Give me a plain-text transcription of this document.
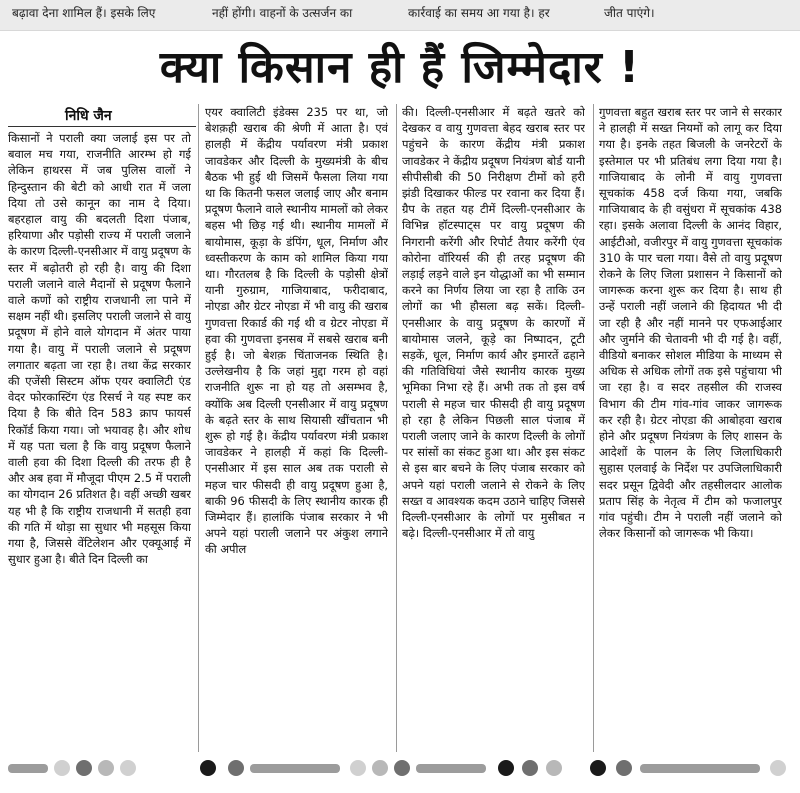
बढ़ावा देना शामिल हैं। इसके लिए	नहीं होंगी। वाहनों के उत्सर्जन का	कार्रवाई का समय आ गया है। हर	जीत पाएंगे।
क्या किसान ही हैं जिम्मेदार !
निधि जैन

किसानों ने पराली क्या जलाई इस पर तो बवाल मच गया, राजनीति आरम्भ हो गई लेकिन हाथरस में जब पुलिस वालों ने हिन्दुस्तान की बेटी को आधी रात में जला दिया तो उसे कानून का नाम दे दिया। बहरहाल वायु की बदलती दिशा पंजाब, हरियाणा और पड़ोसी राज्य में पराली जलाने के कारण दिल्ली-एनसीआर में वायु प्रदूषण के स्तर में बढ़ोतरी हो रही है। वायु की दिशा पराली जलाने वाले मैदानों से प्रदूषण फैलाने वाले कणों को राष्ट्रीय राजधानी ला पाने में सक्षम नहीं थी। इसलिए पराली जलाने से वायु प्रदूषण में होने वाले योगदान में अंतर पाया गया है। वायु में पराली जलाने से प्रदूषण लगातार बढ़ता जा रहा है। तथा केंद्र सरकार की एजेंसी सिस्टम ऑफ एयर क्वालिटी एंड वेदर फोरकास्टिंग एंड रिसर्च ने यह स्पष्ट कर दिया है कि बीते दिन 583 क्राप फायर्स रिकॉर्ड किया गया। जो भयावह है। और शोध में यह पता चला है कि वायु प्रदूषण फैलाने वाली हवा की दिशा दिल्ली की तरफ ही है और अब हवा में मौजूदा पीएम 2.5 में पराली का योगदान 26 प्रतिशत है। वहीं अच्छी खबर यह भी है कि राष्ट्रीय राजधानी में सतही हवा की गति में थोड़ा सा सुधार भी महसूस किया गया है, जिससे वेंटिलेशन और एक्यूआई में सुधार हुआ है। बीते दिन दिल्ली का

एयर क्वालिटी इंडेक्स 235 पर था, जो बेशक़ही खराब की श्रेणी में आता है। एवं हालही में केंद्रीय पर्यावरण मंत्री प्रकाश जावडेकर और दिल्ली के मुख्यमंत्री के बीच बैठक भी हुई थी जिसमें फैसला लिया गया था कि कितनी फसल जलाई जाए और बनाम प्रदूषण फैलाने वाले स्थानीय मामलों को लेकर बहस भी छिड़ गई थी। स्थानीय मामलों में बायोमास, कूड़ा के डंपिंग, धूल, निर्माण और ध्वस्तीकरण के काम को शामिल किया गया था। गौरतलब है कि दिल्ली के पड़ोसी क्षेत्रों यानी गुरुग्राम, गाजियाबाद, फरीदाबाद, नोएडा और ग्रेटर नोएडा में भी वायु की खराब गुणवत्ता रिकार्ड की गई थी व ग्रेटर नोएडा में हवा की गुणवत्ता इनसब में सबसे खराब बनी हुई है। जो बेशक़ चिंताजनक स्थिति है। उल्लेखनीय है कि जहां मुद्दा गरम हो वहां राजनीति शुरू ना हो यह तो असम्भव है, क्योंकि अब दिल्ली एनसीआर में वायु प्रदूषण के बढ़ते स्तर के साथ सियासी खींचतान भी शुरू हो गई है। केंद्रीय पर्यावरण मंत्री प्रकाश जावडेकर ने हालही में कहां कि दिल्ली-एनसीआर में इस साल अब तक पराली से महज चार फीसदी ही वायु प्रदूषण हुआ है, बाकी 96 फीसदी के लिए स्थानीय कारक ही जिम्मेदार हैं। हालांकि पंजाब सरकार ने भी अपने यहां पराली जलाने पर अंकुश लगाने की अपील

की। दिल्ली-एनसीआर में बढ़ते खतरे को देखकर व वायु गुणवत्ता बेहद खराब स्तर पर पहुंचने के कारण केंद्रीय मंत्री प्रकाश जावडेकर ने केंद्रीय प्रदूषण नियंत्रण बोर्ड यानी सीपीसीबी की 50 निरीक्षण टीमों को हरी झंडी दिखाकर फील्ड पर रवाना कर दिया हैं। ग्रैप के तहत यह टीमें दिल्ली-एनसीआर के विभिन्न हॉटस्पाट्स पर वायु प्रदूषण की निगरानी करेंगी और रिपोर्ट तैयार करेंगी एंव कोरोना वॉरियर्स की ही तरह प्रदूषण की लड़ाई लड़ने वाले इन योद्धाओं का भी सम्मान करने का निर्णय लिया जा रहा है ताकि उन लोगों का भी हौसला बढ़ सकें। दिल्ली-एनसीआर के वायु प्रदूषण के कारणों में बायोमास जलने, कूड़े का निष्पादन, टूटी सड़कें, धूल, निर्माण कार्य और इमारतें ढहाने की गतिविधियां जैसे स्थानीय कारक मुख्य भूमिका निभा रहे हैं। अभी तक तो इस वर्ष पराली से महज चार फीसदी ही वायु प्रदूषण हो रहा है लेकिन पिछली साल पंजाब में पराली जलाए जाने के कारण दिल्ली के लोगों पर सांसों का संकट हुआ था। और इस संकट से इस बार बचने के लिए पंजाब सरकार को अपने यहां पराली जलाने से रोकने के लिए सख्त व आवश्यक कदम उठाने चाहिए जिससे दिल्ली-एनसीआर के लोगों पर मुसीबत न बढ़े। दिल्ली-एनसीआर में तो वायु

गुणवत्ता बहुत खराब स्तर पर जाने से सरकार ने हालही में सख्त नियमों को लागू कर दिया गया है। इनके तहत बिजली के जनरेटरों के इस्तेमाल पर भी प्रतिबंध लगा दिया गया है। गाजियाबाद के लोनी में वायु गुणवत्ता सूचकांक 458 दर्ज किया गया, जबकि गाजियाबाद के ही वसुंधरा में सूचकांक 438 रहा। इसके अलावा दिल्ली के आनंद विहार, आईटीओ, वजीरपुर में वायु गुणवत्ता सूचकांक 310 के पार चला गया। वैसे तो वायु प्रदूषण रोकने के लिए जिला प्रशासन ने किसानों को जागरूक करना शुरू कर दिया है। साथ ही उन्हें पराली नहीं जलाने की हिदायत भी दी जा रही है और नहीं मानने पर एफआईआर और जुर्माने की चेतावनी भी दी गई है। वहीं, वीडियो बनाकर सोशल मीडिया के माध्यम से अधिक से अधिक लोगों तक इसे पहुंचाया भी जा रहा है। व सदर तहसील की राजस्व विभाग की टीम गांव-गांव जाकर जागरूक कर रही है। ग्रेटर नोएडा की आबोहवा खराब होने और प्रदूषण नियंत्रण के लिए शासन के आदेशों के पालन के लिए जिलाधिकारी सुहास एलवाई के निर्देश पर उपजिलाधिकारी सदर प्रसून द्विवेदी और तहसीलदार आलोक प्रताप सिंह के नेतृत्व में टीम को फजालपुर गांव पहुंची। टीम ने पराली नहीं जलाने को लेकर किसानों को जागरूक भी किया।
